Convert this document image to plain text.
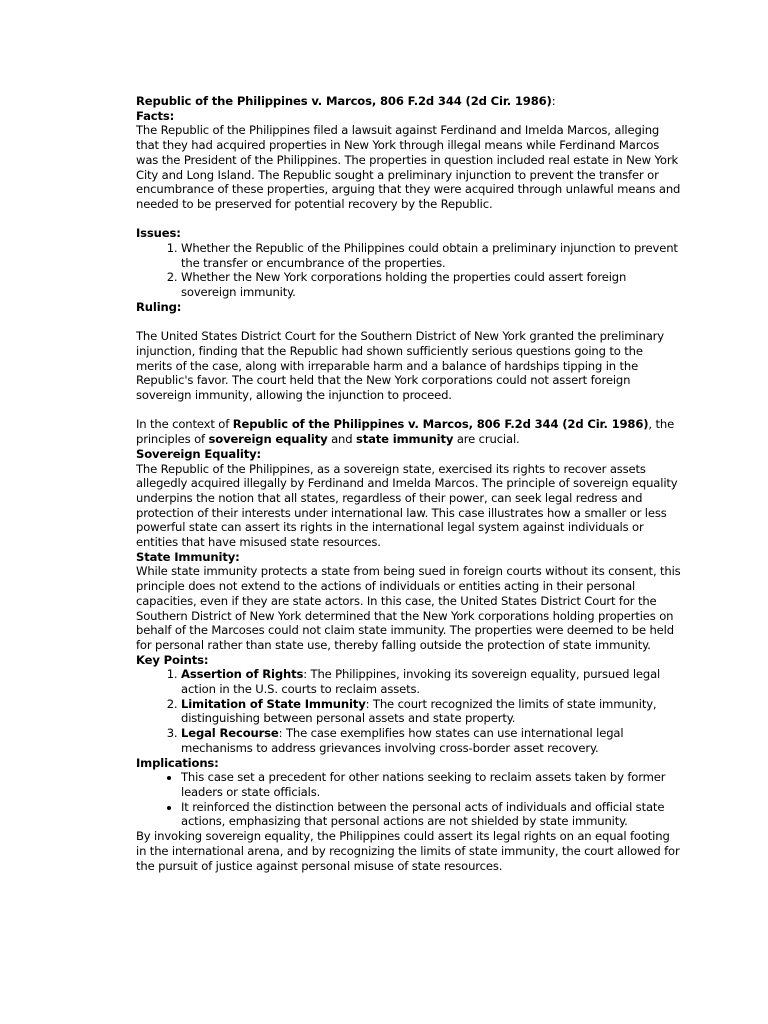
Republic of the Philippines v. Marcos, 806 F.2d 344 (2d Cir. 1986):

Facts:

The Republic of the Philippines filed a lawsuit against Ferdinand and Imelda Marcos, alleging that they had acquired properties in New York through illegal means while Ferdinand Marcos was the President of the Philippines. The properties in question included real estate in New York City and Long Island. The Republic sought a preliminary injunction to prevent the transfer or encumbrance of these properties, arguing that they were acquired through unlawful means and needed to be preserved for potential recovery by the Republic.

Issues:

1. Whether the Republic of the Philippines could obtain a preliminary injunction to prevent the transfer or encumbrance of the properties.
2. Whether the New York corporations holding the properties could assert foreign sovereign immunity.

Ruling:

The United States District Court for the Southern District of New York granted the preliminary injunction, finding that the Republic had shown sufficiently serious questions going to the merits of the case, along with irreparable harm and a balance of hardships tipping in the Republic's favor. The court held that the New York corporations could not assert foreign sovereign immunity, allowing the injunction to proceed.

In the context of Republic of the Philippines v. Marcos, 806 F.2d 344 (2d Cir. 1986), the principles of sovereign equality and state immunity are crucial.

Sovereign Equality:

The Republic of the Philippines, as a sovereign state, exercised its rights to recover assets allegedly acquired illegally by Ferdinand and Imelda Marcos. The principle of sovereign equality underpins the notion that all states, regardless of their power, can seek legal redress and protection of their interests under international law. This case illustrates how a smaller or less powerful state can assert its rights in the international legal system against individuals or entities that have misused state resources.

State Immunity:

While state immunity protects a state from being sued in foreign courts without its consent, this principle does not extend to the actions of individuals or entities acting in their personal capacities, even if they are state actors. In this case, the United States District Court for the Southern District of New York determined that the New York corporations holding properties on behalf of the Marcoses could not claim state immunity. The properties were deemed to be held for personal rather than state use, thereby falling outside the protection of state immunity.

Key Points:

1. Assertion of Rights: The Philippines, invoking its sovereign equality, pursued legal action in the U.S. courts to reclaim assets.
2. Limitation of State Immunity: The court recognized the limits of state immunity, distinguishing between personal assets and state property.
3. Legal Recourse: The case exemplifies how states can use international legal mechanisms to address grievances involving cross-border asset recovery.

Implications:

• This case set a precedent for other nations seeking to reclaim assets taken by former leaders or state officials.
• It reinforced the distinction between the personal acts of individuals and official state actions, emphasizing that personal actions are not shielded by state immunity.

By invoking sovereign equality, the Philippines could assert its legal rights on an equal footing in the international arena, and by recognizing the limits of state immunity, the court allowed for the pursuit of justice against personal misuse of state resources.
